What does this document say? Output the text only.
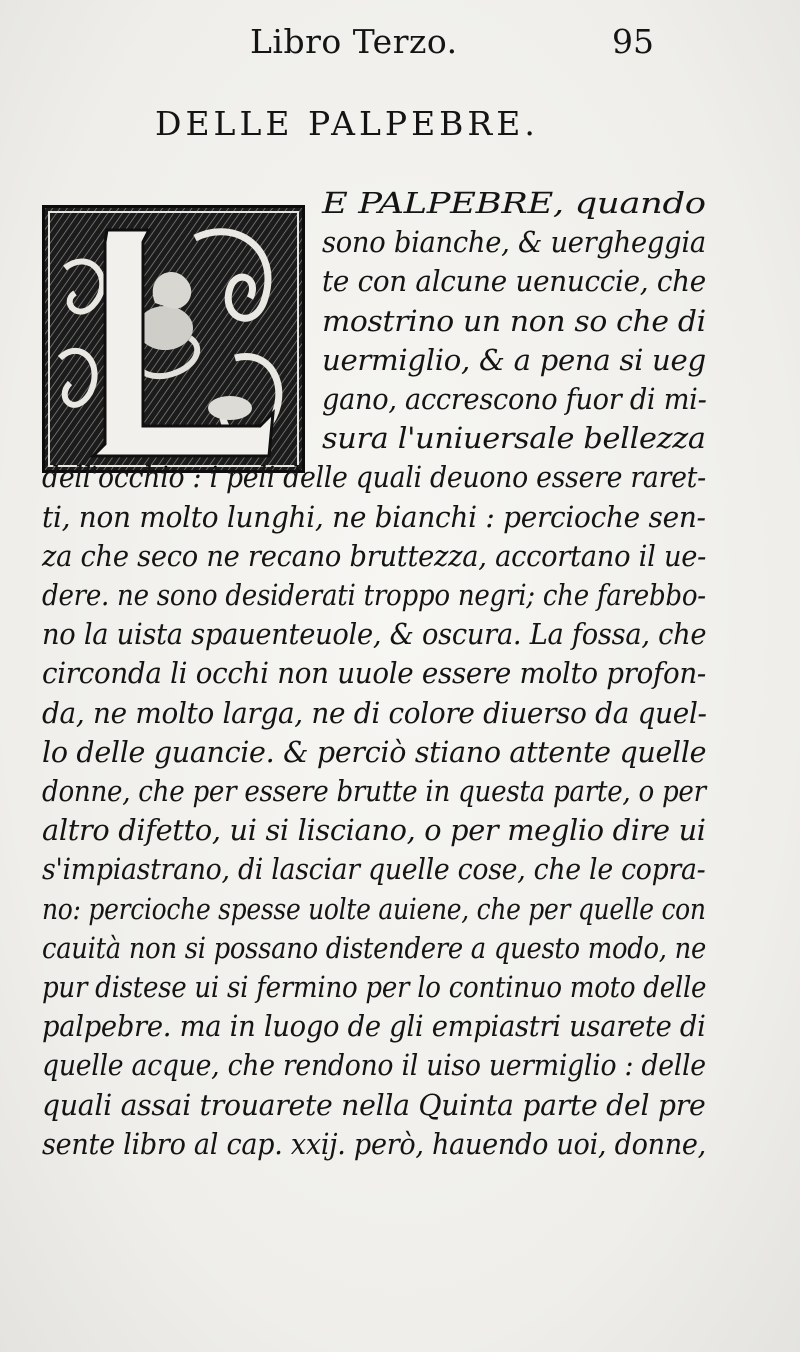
Libro Terzo.	95
DELLE PALPEBRE.
E PALPEBRE, quando
sono bianche, & uergheggia
te con alcune uenuccie, che
mostrino un non so che di
uermiglio, & a pena si ueg
gano, accrescono fuor di mi-
sura l'uniuersale bellezza
dell'occhio : i peli delle quali deuono essere raret-
ti, non molto lunghi, ne bianchi : percioche sen-
za che seco ne recano bruttezza, accortano il ue-
dere. ne sono desiderati troppo negri; che farebbo-
no la uista spauenteuole, & oscura. La fossa, che
circonda li occhi non uuole essere molto profon-
da, ne molto larga, ne di colore diuerso da quel-
lo delle guancie. & perciò stiano attente quelle
donne, che per essere brutte in questa parte, o per
altro difetto, ui si lisciano, o per meglio dire ui
s'impiastrano, di lasciar quelle cose, che le copra-
no: percioche spesse uolte auiene, che per quelle con
cauità non si possano distendere a questo modo, ne
pur distese ui si fermino per lo continuo moto delle
palpebre. ma in luogo de gli empiastri usarete di
quelle acque, che rendono il uiso uermiglio : delle
quali assai trouarete nella Quinta parte del pre
sente libro al cap. xxij. però, hauendo uoi, donne,
